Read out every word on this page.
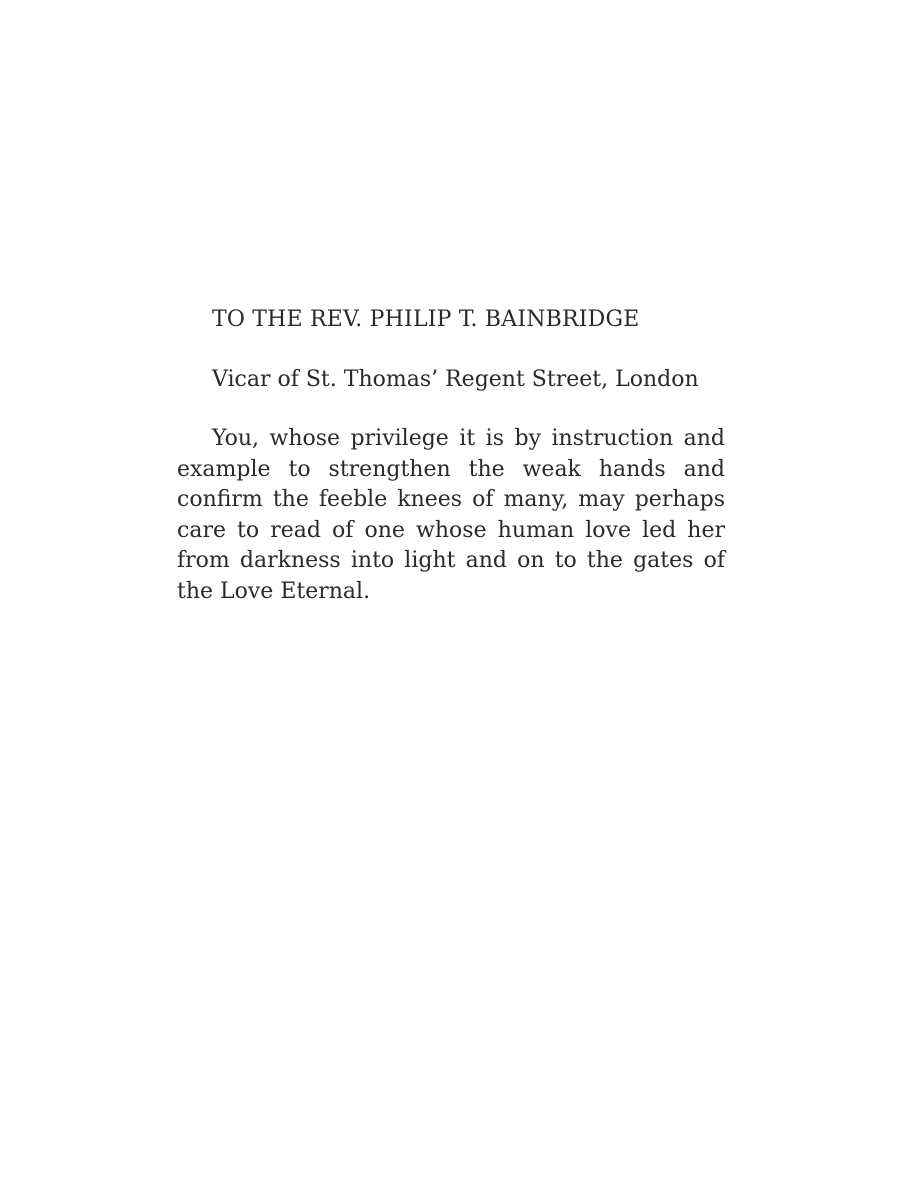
TO THE REV. PHILIP T. BAINBRIDGE

Vicar of St. Thomas’ Regent Street, London

You, whose privilege it is by instruction and example to strengthen the weak hands and confirm the feeble knees of many, may perhaps care to read of one whose human love led her from darkness into light and on to the gates of the Love Eternal.
